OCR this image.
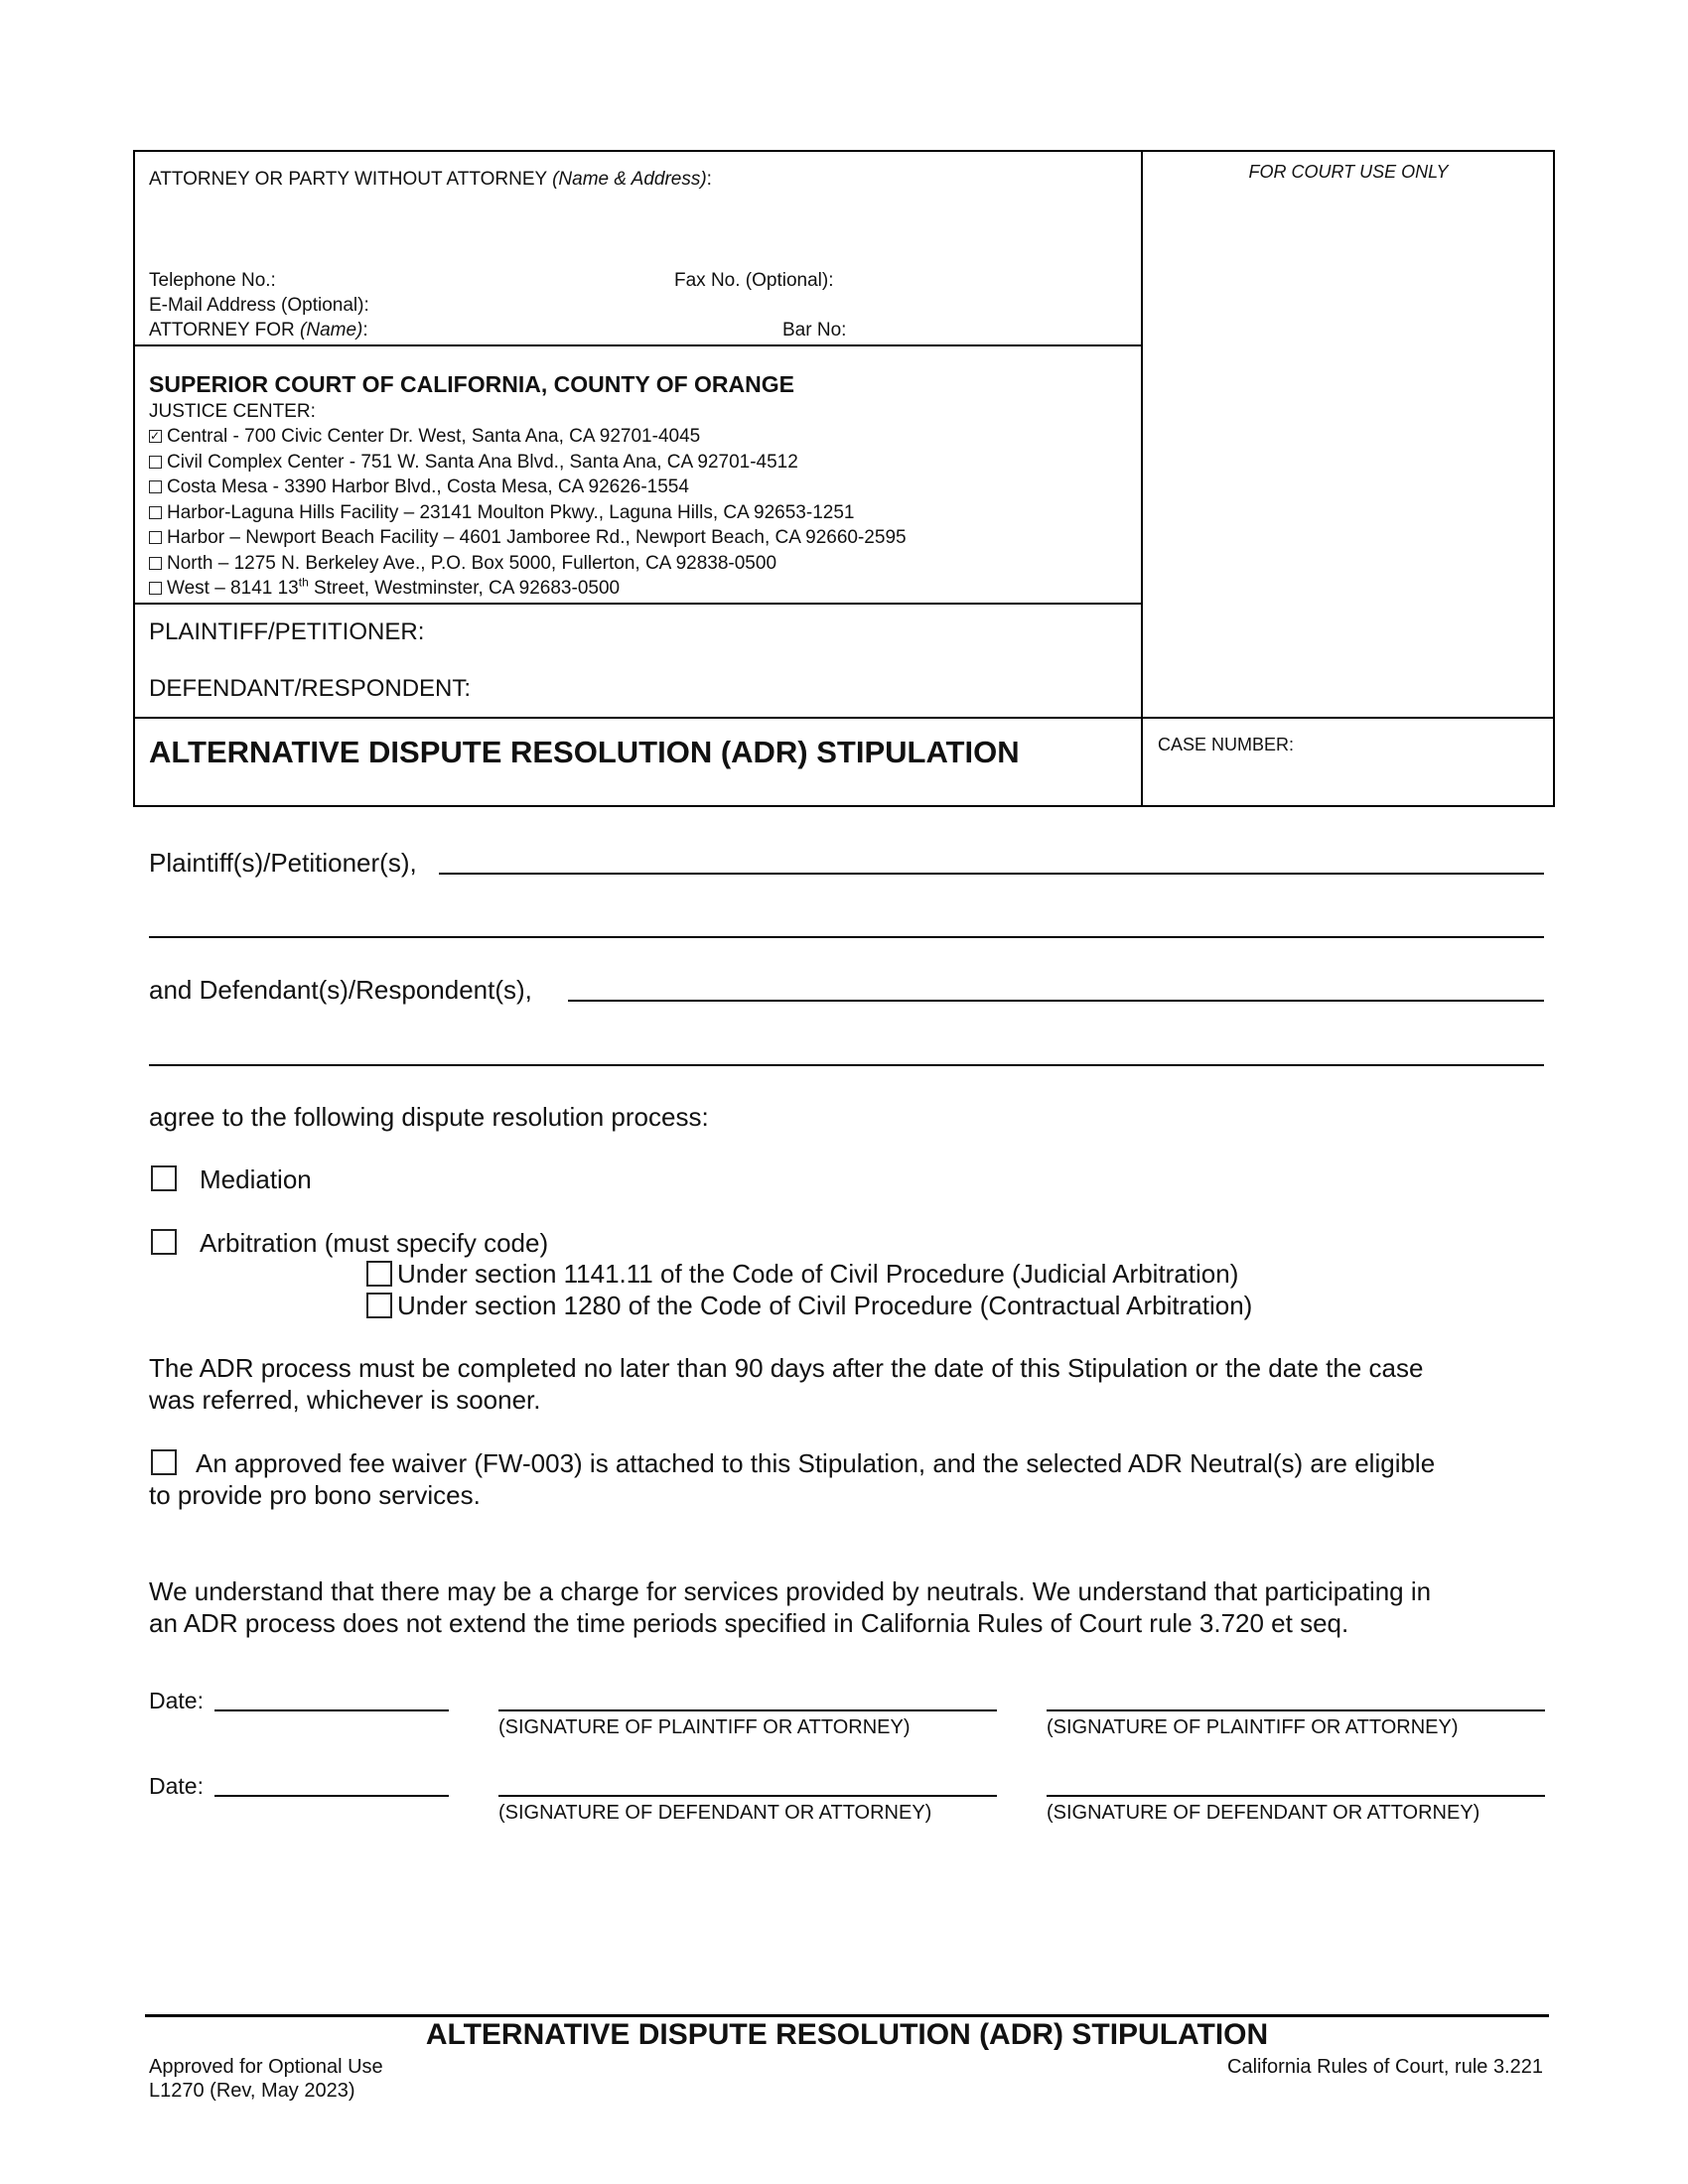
ATTORNEY OR PARTY WITHOUT ATTORNEY (Name & Address):
Telephone No.:	Fax No. (Optional):
E-Mail Address (Optional):
ATTORNEY FOR (Name):	Bar No:
FOR COURT USE ONLY
SUPERIOR COURT OF CALIFORNIA, COUNTY OF ORANGE
JUSTICE CENTER:
✓Central - 700 Civic Center Dr. West, Santa Ana, CA 92701-4045
Civil Complex Center - 751 W. Santa Ana Blvd., Santa Ana, CA 92701-4512
Costa Mesa - 3390 Harbor Blvd., Costa Mesa, CA 92626-1554
Harbor-Laguna Hills Facility – 23141 Moulton Pkwy., Laguna Hills, CA 92653-1251
Harbor – Newport Beach Facility – 4601 Jamboree Rd., Newport Beach, CA 92660-2595
North – 1275 N. Berkeley Ave., P.O. Box 5000, Fullerton, CA 92838-0500
West – 8141 13th Street, Westminster, CA 92683-0500
PLAINTIFF/PETITIONER:
DEFENDANT/RESPONDENT:
ALTERNATIVE DISPUTE RESOLUTION (ADR) STIPULATION	CASE NUMBER:
Plaintiff(s)/Petitioner(s),
and Defendant(s)/Respondent(s),
agree to the following dispute resolution process:
Mediation
Arbitration (must specify code)
Under section 1141.11 of the Code of Civil Procedure (Judicial Arbitration)
Under section 1280 of the Code of Civil Procedure (Contractual Arbitration)
The ADR process must be completed no later than 90 days after the date of this Stipulation or the date the case
was referred, whichever is sooner.
An approved fee waiver (FW-003) is attached to this Stipulation, and the selected ADR Neutral(s) are eligible
to provide pro bono services.
We understand that there may be a charge for services provided by neutrals. We understand that participating in
an ADR process does not extend the time periods specified in California Rules of Court rule 3.720 et seq.
Date:
(SIGNATURE OF PLAINTIFF OR ATTORNEY)	(SIGNATURE OF PLAINTIFF OR ATTORNEY)
Date:
(SIGNATURE OF DEFENDANT OR ATTORNEY)	(SIGNATURE OF DEFENDANT OR ATTORNEY)
ALTERNATIVE DISPUTE RESOLUTION (ADR) STIPULATION
Approved for Optional Use
L1270 (Rev, May 2023)
California Rules of Court, rule 3.221
